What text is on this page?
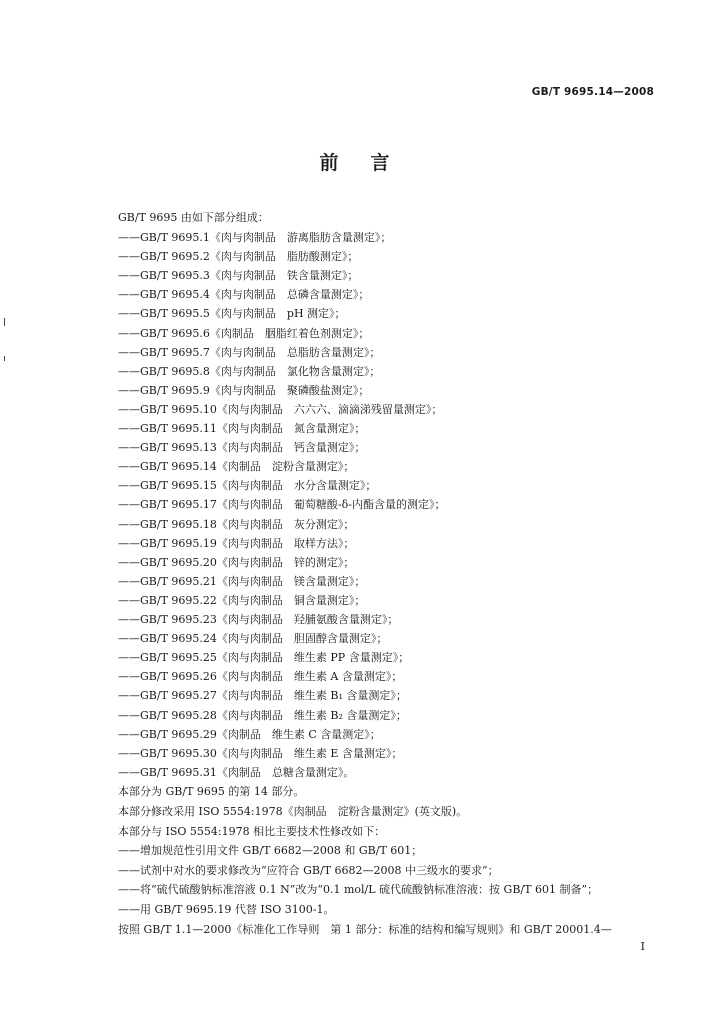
GB/T 9695.14—2008
前言
GB/T 9695 由如下部分组成：
——GB/T 9695.1《肉与肉制品　游离脂肪含量测定》；
——GB/T 9695.2《肉与肉制品　脂肪酸测定》；
——GB/T 9695.3《肉与肉制品　铁含量测定》；
——GB/T 9695.4《肉与肉制品　总磷含量测定》；
——GB/T 9695.5《肉与肉制品　pH 测定》；
——GB/T 9695.6《肉制品　胭脂红着色剂测定》；
——GB/T 9695.7《肉与肉制品　总脂肪含量测定》；
——GB/T 9695.8《肉与肉制品　氯化物含量测定》；
——GB/T 9695.9《肉与肉制品　聚磷酸盐测定》；
——GB/T 9695.10《肉与肉制品　六六六、滴滴涕残留量测定》；
——GB/T 9695.11《肉与肉制品　氮含量测定》；
——GB/T 9695.13《肉与肉制品　钙含量测定》；
——GB/T 9695.14《肉制品　淀粉含量测定》；
——GB/T 9695.15《肉与肉制品　水分含量测定》；
——GB/T 9695.17《肉与肉制品　葡萄糖酸-δ-内酯含量的测定》；
——GB/T 9695.18《肉与肉制品　灰分测定》；
——GB/T 9695.19《肉与肉制品　取样方法》；
——GB/T 9695.20《肉与肉制品　锌的测定》；
——GB/T 9695.21《肉与肉制品　镁含量测定》；
——GB/T 9695.22《肉与肉制品　铜含量测定》；
——GB/T 9695.23《肉与肉制品　羟脯氨酸含量测定》；
——GB/T 9695.24《肉与肉制品　胆固醇含量测定》；
——GB/T 9695.25《肉与肉制品　维生素 PP 含量测定》；
——GB/T 9695.26《肉与肉制品　维生素 A 含量测定》；
——GB/T 9695.27《肉与肉制品　维生素 B₁ 含量测定》；
——GB/T 9695.28《肉与肉制品　维生素 B₂ 含量测定》；
——GB/T 9695.29《肉制品　维生素 C 含量测定》；
——GB/T 9695.30《肉与肉制品　维生素 E 含量测定》；
——GB/T 9695.31《肉制品　总糖含量测定》。
本部分为 GB/T 9695 的第 14 部分。
本部分修改采用 ISO 5554:1978《肉制品　淀粉含量测定》(英文版)。
本部分与 ISO 5554:1978 相比主要技术性修改如下：
——增加规范性引用文件 GB/T 6682—2008 和 GB/T 601；
——试剂中对水的要求修改为“应符合 GB/T 6682—2008 中三级水的要求”；
——将“硫代硫酸钠标准溶液 0.1 N”改为“0.1 mol/L 硫代硫酸钠标准溶液：按 GB/T 601 制备”；
——用 GB/T 9695.19 代替 ISO 3100-1。
按照 GB/T 1.1—2000《标准化工作导则　第 1 部分：标准的结构和编写规则》和 GB/T 20001.4—
I
